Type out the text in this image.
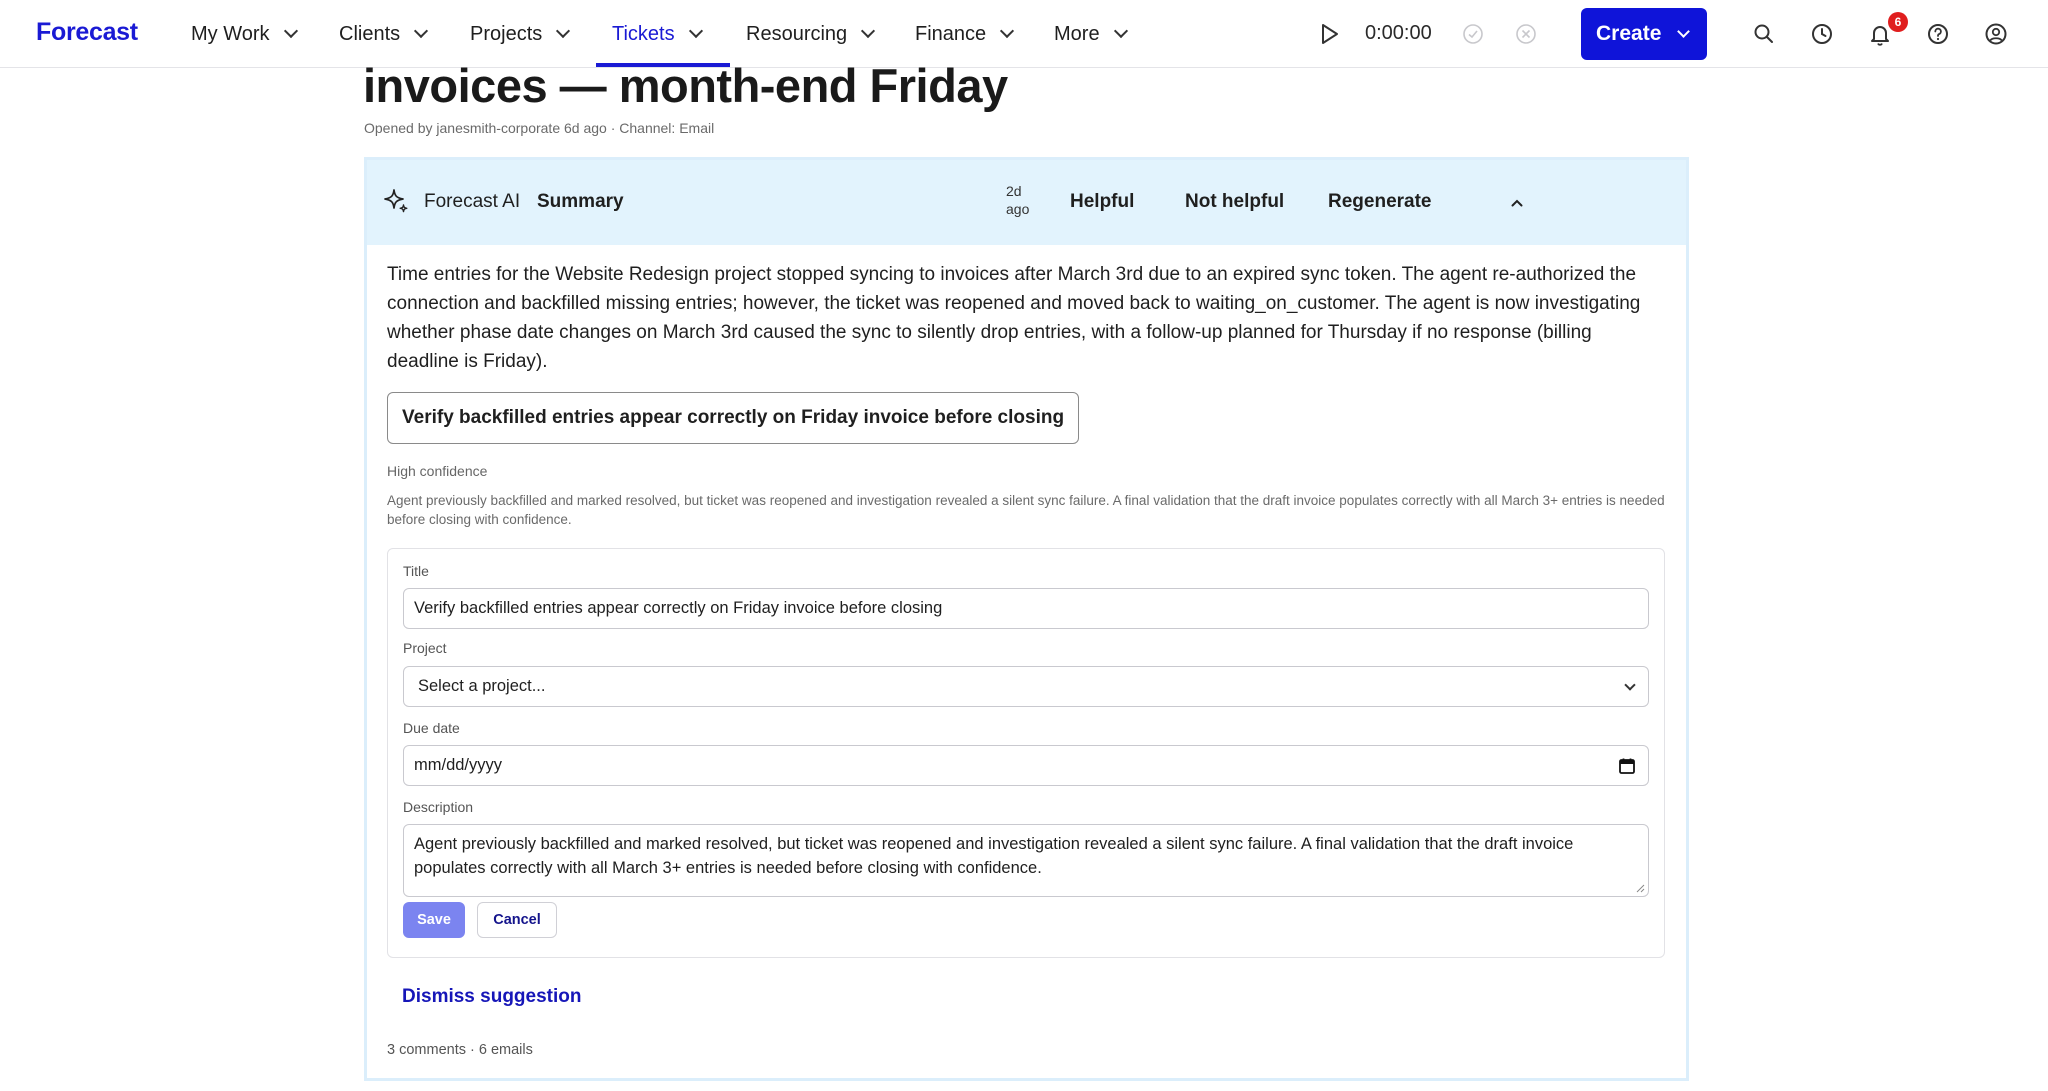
Forecast	My Work	Clients	Projects	Tickets	Resourcing	Finance	More	0:00:00	Create	6
invoices — month-end Friday
Opened by janesmith-corporate 6d ago · Channel: Email
Forecast AI Summary	2d ago	Helpful	Not helpful Regenerate
Time entries for the Website Redesign project stopped syncing to invoices after March 3rd due to an expired sync token. The agent re-authorized the connection and backfilled missing entries; however, the ticket was reopened and moved back to waiting_on_customer. The agent is now investigating whether phase date changes on March 3rd caused the sync to silently drop entries, with a follow-up planned for Thursday if no response (billing deadline is Friday).
Verify backfilled entries appear correctly on Friday invoice before closing
High confidence
Agent previously backfilled and marked resolved, but ticket was reopened and investigation revealed a silent sync failure. A final validation that the draft invoice populates correctly with all March 3+ entries is needed before closing with confidence.
Title
Verify backfilled entries appear correctly on Friday invoice before closing
Project
Select a project...
Due date
mm/dd/yyyy
Description
Agent previously backfilled and marked resolved, but ticket was reopened and investigation revealed a silent sync failure. A final validation that the draft invoice populates correctly with all March 3+ entries is needed before closing with confidence.
Save	Cancel
Dismiss suggestion
3 comments · 6 emails
